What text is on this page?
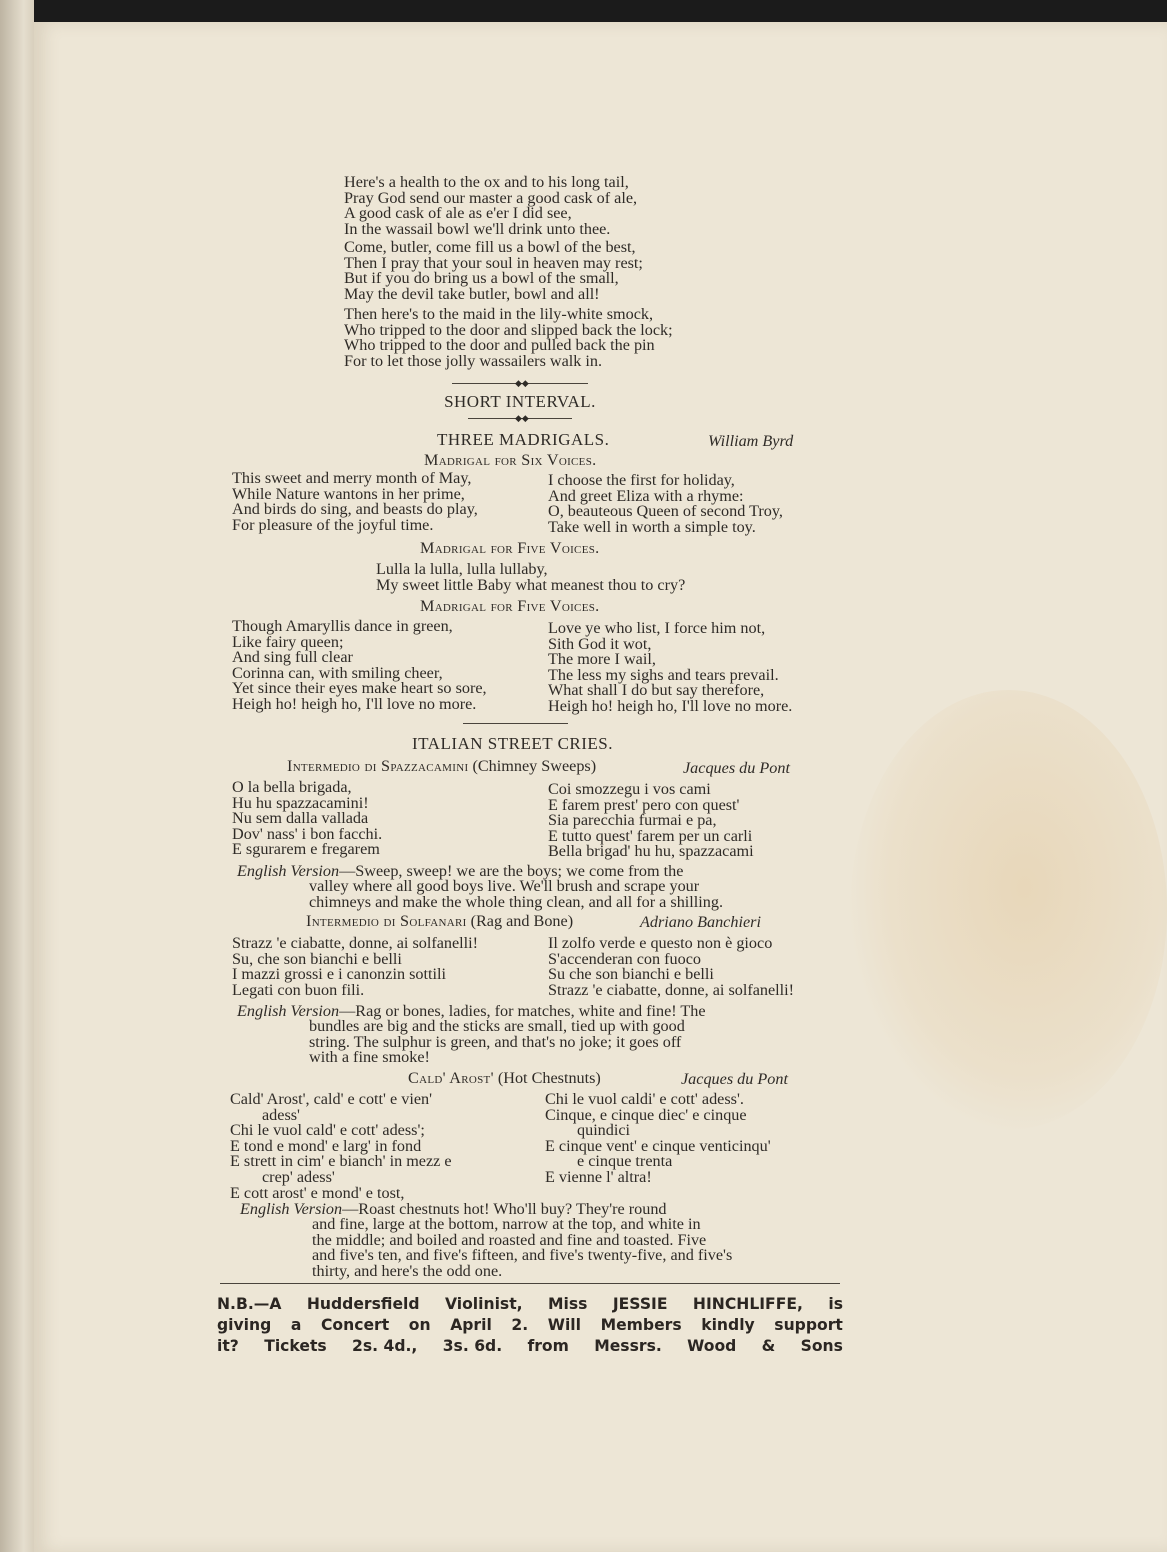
Here's a health to the ox and to his long tail,
Pray God send our master a good cask of ale,
A good cask of ale as e'er I did see,
In the wassail bowl we'll drink unto thee.
Come, butler, come fill us a bowl of the best,
Then I pray that your soul in heaven may rest;
But if you do bring us a bowl of the small,
May the devil take butler, bowl and all!
Then here's to the maid in the lily-white smock,
Who tripped to the door and slipped back the lock;
Who tripped to the door and pulled back the pin
For to let those jolly wassailers walk in.
◆◆
SHORT INTERVAL.
◆◆
THREE MADRIGALS.	William Byrd
Madrigal for Six Voices.
This sweet and merry month of May,
While Nature wantons in her prime,
And birds do sing, and beasts do play,
For pleasure of the joyful time.
I choose the first for holiday,
And greet Eliza with a rhyme:
O, beauteous Queen of second Troy,
Take well in worth a simple toy.
Madrigal for Five Voices.
Lulla la lulla, lulla lullaby,
My sweet little Baby what meanest thou to cry?
Madrigal for Five Voices.
Though Amaryllis dance in green,
Like fairy queen;
And sing full clear
Corinna can, with smiling cheer,
Yet since their eyes make heart so sore,
Heigh ho! heigh ho, I'll love no more.
Love ye who list, I force him not,
Sith God it wot,
The more I wail,
The less my sighs and tears prevail.
What shall I do but say therefore,
Heigh ho! heigh ho, I'll love no more.
ITALIAN STREET CRIES.
Intermedio di Spazzacamini (Chimney Sweeps)	Jacques du Pont
O la bella brigada,
Hu hu spazzacamini!
Nu sem dalla vallada
Dov' nass' i bon facchi.
E sgurarem e fregarem
Coi smozzegu i vos cami
E farem prest' pero con quest'
Sia parecchia furmai e pa,
E tutto quest' farem per un carli
Bella brigad' hu hu, spazzacami
English Version—Sweep, sweep! we are the boys; we come from the
valley where all good boys live. We'll brush and scrape your
chimneys and make the whole thing clean, and all for a shilling.
Intermedio di Solfanari (Rag and Bone)	Adriano Banchieri
Strazz 'e ciabatte, donne, ai solfanelli!
Su, che son bianchi e belli
I mazzi grossi e i canonzin sottili
Legati con buon fili.
Il zolfo verde e questo non è gioco
S'accenderan con fuoco
Su che son bianchi e belli
Strazz 'e ciabatte, donne, ai solfanelli!
English Version—Rag or bones, ladies, for matches, white and fine! The
bundles are big and the sticks are small, tied up with good
string. The sulphur is green, and that's no joke; it goes off
with a fine smoke!
Cald' Arost' (Hot Chestnuts)	Jacques du Pont
Cald' Arost', cald' e cott' e vien'
adess'
Chi le vuol cald' e cott' adess';
E tond e mond' e larg' in fond
E strett in cim' e bianch' in mezz e
crep' adess'
E cott arost' e mond' e tost,
Chi le vuol caldi' e cott' adess'.
Cinque, e cinque diec' e cinque
quindici
E cinque vent' e cinque venticinqu'
e cinque trenta
E vienne l' altra!
English Version—Roast chestnuts hot! Who'll buy? They're round
and fine, large at the bottom, narrow at the top, and white in
the middle; and boiled and roasted and fine and toasted. Five
and five's ten, and five's fifteen, and five's twenty-five, and five's
thirty, and here's the odd one.
N.B.—A Huddersfield Violinist, Miss JESSIE HINCHLIFFE, is
giving a Concert on April 2. Will Members kindly support
it? Tickets 2s. 4d., 3s. 6d. from Messrs. Wood & Sons
